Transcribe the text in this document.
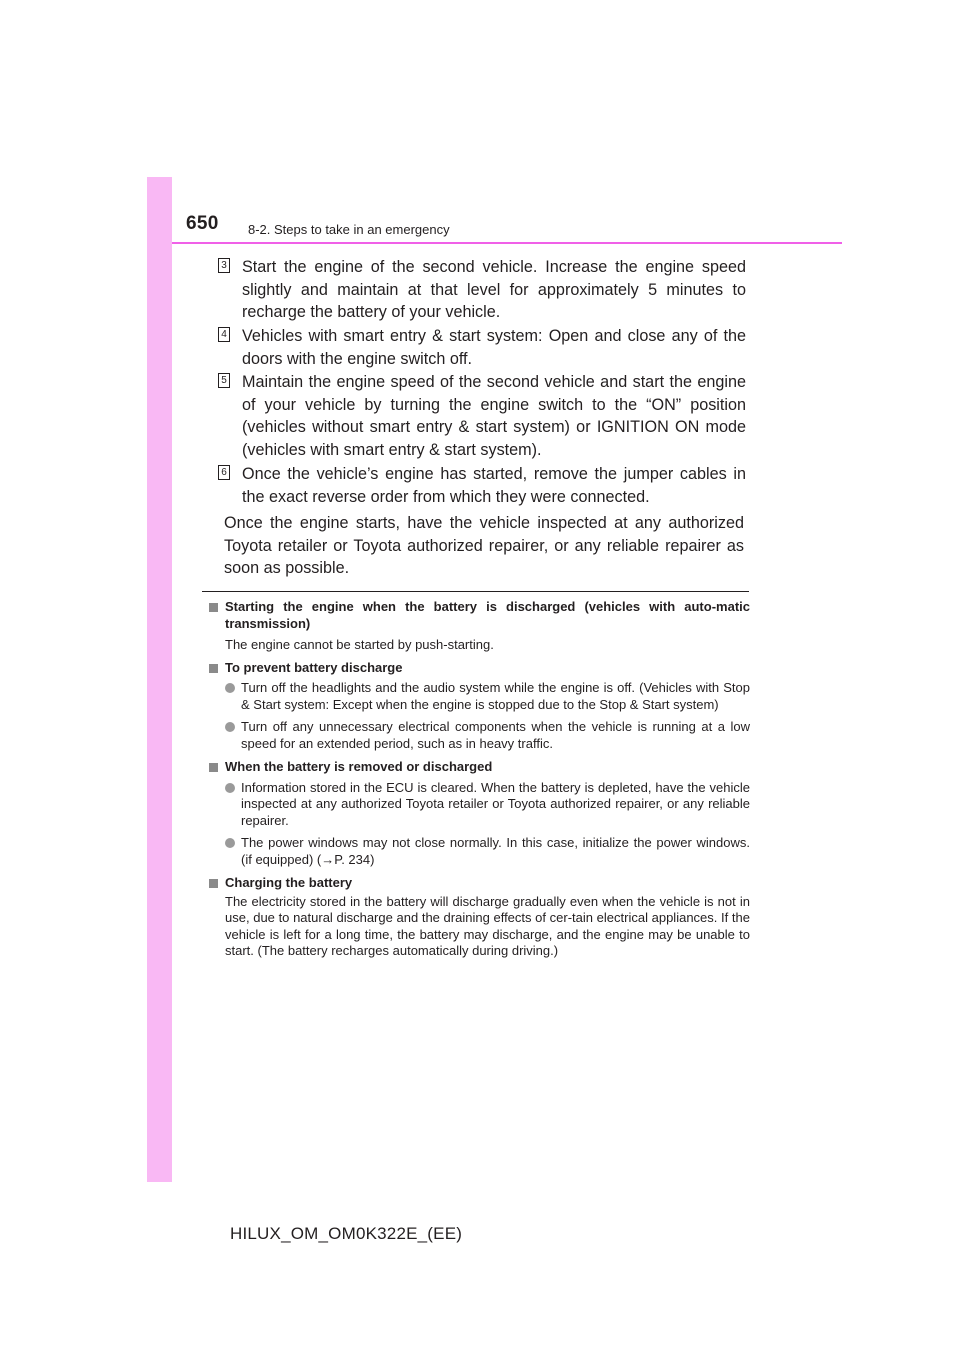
650 8-2. Steps to take in an emergency
3 Start the engine of the second vehicle. Increase the engine speed slightly and maintain at that level for approximately 5 minutes to recharge the battery of your vehicle.
4 Vehicles with smart entry & start system: Open and close any of the doors with the engine switch off.
5 Maintain the engine speed of the second vehicle and start the engine of your vehicle by turning the engine switch to the “ON” position (vehicles without smart entry & start system) or IGNITION ON mode (vehicles with smart entry & start system).
6 Once the vehicle’s engine has started, remove the jumper cables in the exact reverse order from which they were connected.
Once the engine starts, have the vehicle inspected at any authorized Toyota retailer or Toyota authorized repairer, or any reliable repairer as soon as possible.
Starting the engine when the battery is discharged (vehicles with auto-matic transmission)
The engine cannot be started by push-starting.
To prevent battery discharge
Turn off the headlights and the audio system while the engine is off. (Vehicles with Stop & Start system: Except when the engine is stopped due to the Stop & Start system)
Turn off any unnecessary electrical components when the vehicle is running at a low speed for an extended period, such as in heavy traffic.
When the battery is removed or discharged
Information stored in the ECU is cleared. When the battery is depleted, have the vehicle inspected at any authorized Toyota retailer or Toyota authorized repairer, or any reliable repairer.
The power windows may not close normally. In this case, initialize the power windows. (if equipped) (→P. 234)
Charging the battery
The electricity stored in the battery will discharge gradually even when the vehicle is not in use, due to natural discharge and the draining effects of cer-tain electrical appliances. If the vehicle is left for a long time, the battery may discharge, and the engine may be unable to start. (The battery recharges automatically during driving.)
HILUX_OM_OM0K322E_(EE)
